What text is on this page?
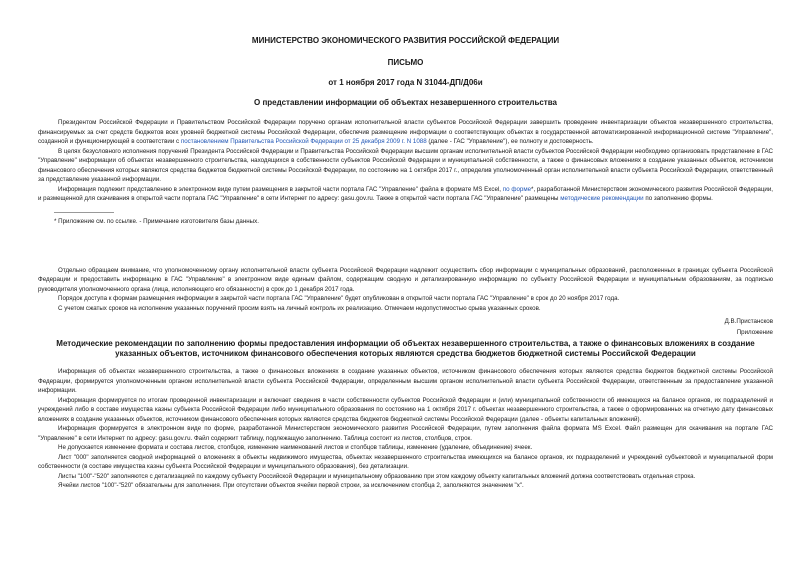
МИНИСТЕРСТВО ЭКОНОМИЧЕСКОГО РАЗВИТИЯ РОССИЙСКОЙ ФЕДЕРАЦИИ
ПИСЬМО
от 1 ноября 2017 года N 31044-ДП/Д06и
О представлении информации об объектах незавершенного строительства

Президентом Российской Федерации и Правительством Российской Федерации поручено органам исполнительной власти субъектов Российской Федерации завершить проведение инвентаризации объектов незавершенного строительства, финансируемых за счет средств бюджетов всех уровней бюджетной системы Российской Федерации, обеспечив размещение информации о соответствующих объектах в государственной автоматизированной информационной системе "Управление", созданной и функционирующей в соответствии с постановлением Правительства Российской Федерации от 25 декабря 2009 г. N 1088 (далее - ГАС "Управление"), ее полноту и достоверность.

В целях безусловного исполнения поручений Президента Российской Федерации и Правительства Российской Федерации высшим органам исполнительной власти субъектов Российской Федерации необходимо организовать представление в ГАС "Управление" информации об объектах незавершенного строительства, находящихся в собственности субъектов Российской Федерации и муниципальной собственности, а также о финансовых вложениях в создание указанных объектов, источником финансового обеспечения которых являются средства бюджетов бюджетной системы Российской Федерации, по состоянию на 1 октября 2017 г., определив уполномоченный орган исполнительной власти субъекта Российской Федерации, ответственный за представление указанной информации.

Информация подлежит представлению в электронном виде путем размещения в закрытой части портала ГАС "Управление" файла в формате MS Excel, по форме*, разработанной Министерством экономического развития Российской Федерации, и размещенной для скачивания в открытой части портала ГАС "Управление" в сети Интернет по адресу: gasu.gov.ru. Также в открытой части портала ГАС "Управление" размещены методические рекомендации по заполнению формы.

* Приложение см. по ссылке. - Примечание изготовителя базы данных.

Отдельно обращаем внимание, что уполномоченному органу исполнительной власти субъекта Российской Федерации надлежит осуществить сбор информации с муниципальных образований, расположенных в границах субъекта Российской Федерации и предоставить информацию в ГАС "Управление" в электронном виде единым файлом, содержащим сводную и детализированную информацию по субъекту Российской Федерации и муниципальным образованиям, за подписью руководителя уполномоченного органа (лица, исполняющего его обязанности) в срок до 1 декабря 2017 года.

Порядок доступа к формам размещения информации в закрытой части портала ГАС "Управление" будет опубликован в открытой части портала ГАС "Управление" в срок до 20 ноября 2017 года.

С учетом сжатых сроков на исполнение указанных поручений просим взять на личный контроль их реализацию. Отмечаем недопустимостью срыва указанных сроков.

Д.В.Пристансков
Приложение
Методические рекомендации по заполнению формы предоставления информации об объектах незавершенного строительства, а также о финансовых вложениях в создание указанных объектов, источником финансового обеспечения которых являются средства бюджетов бюджетной системы Российской Федерации

Информация об объектах незавершенного строительства, а также о финансовых вложениях в создание указанных объектов, источником финансового обеспечения которых являются средства бюджетов бюджетной системы Российской Федерации, формируется уполномоченным органом исполнительной власти субъекта Российской Федерации, определенным высшим органом исполнительной власти субъекта Российской Федерации, ответственным за предоставление указанной информации.

Информация формируется по итогам проведенной инвентаризации и включает сведения в части собственности субъектов Российской Федерации и (или) муниципальной собственности об имеющихся на балансе органов, их подразделений и учреждений либо в составе имущества казны субъекта Российской Федерации либо муниципального образования по состоянию на 1 октября 2017 г. объектах незавершенного строительства, а также о сформированных на отчетную дату финансовых вложениях в создание указанных объектов, источником финансового обеспечения которых являются средства бюджетов бюджетной системы Российской Федерации (далее - объекты капитальных вложений).

Информация формируется в электронном виде по форме, разработанной Министерством экономического развития Российской Федерации, путем заполнения файла формата MS Excel. Файл размещен для скачивания на портале ГАС "Управление" в сети Интернет по адресу: gasu.gov.ru. Файл содержит таблицу, подлежащую заполнению. Таблица состоит из листов, столбцов, строк.

Не допускается изменение формата и состава листов, столбцов, изменение наименований листов и столбцов таблицы, изменение (удаление, объединение) ячеек.

Лист "000" заполняется сводной информацией о вложениях в объекты недвижимого имущества, объектах незавершенного строительства имеющихся на балансе органов, их подразделений и учреждений субъектовой и муниципальной форм собственности (в составе имущества казны субъекта Российской Федерации и муниципального образования), без детализации.

Листы "100"-"520" заполняются с детализацией по каждому субъекту Российской Федерации и муниципальному образованию при этом каждому объекту капитальных вложений должна соответствовать отдельная строка.

Ячейки листов "100"-"520" обязательны для заполнения. При отсутствии объектов ячейки первой строки, за исключением столбца 2, заполняются значением "х".
